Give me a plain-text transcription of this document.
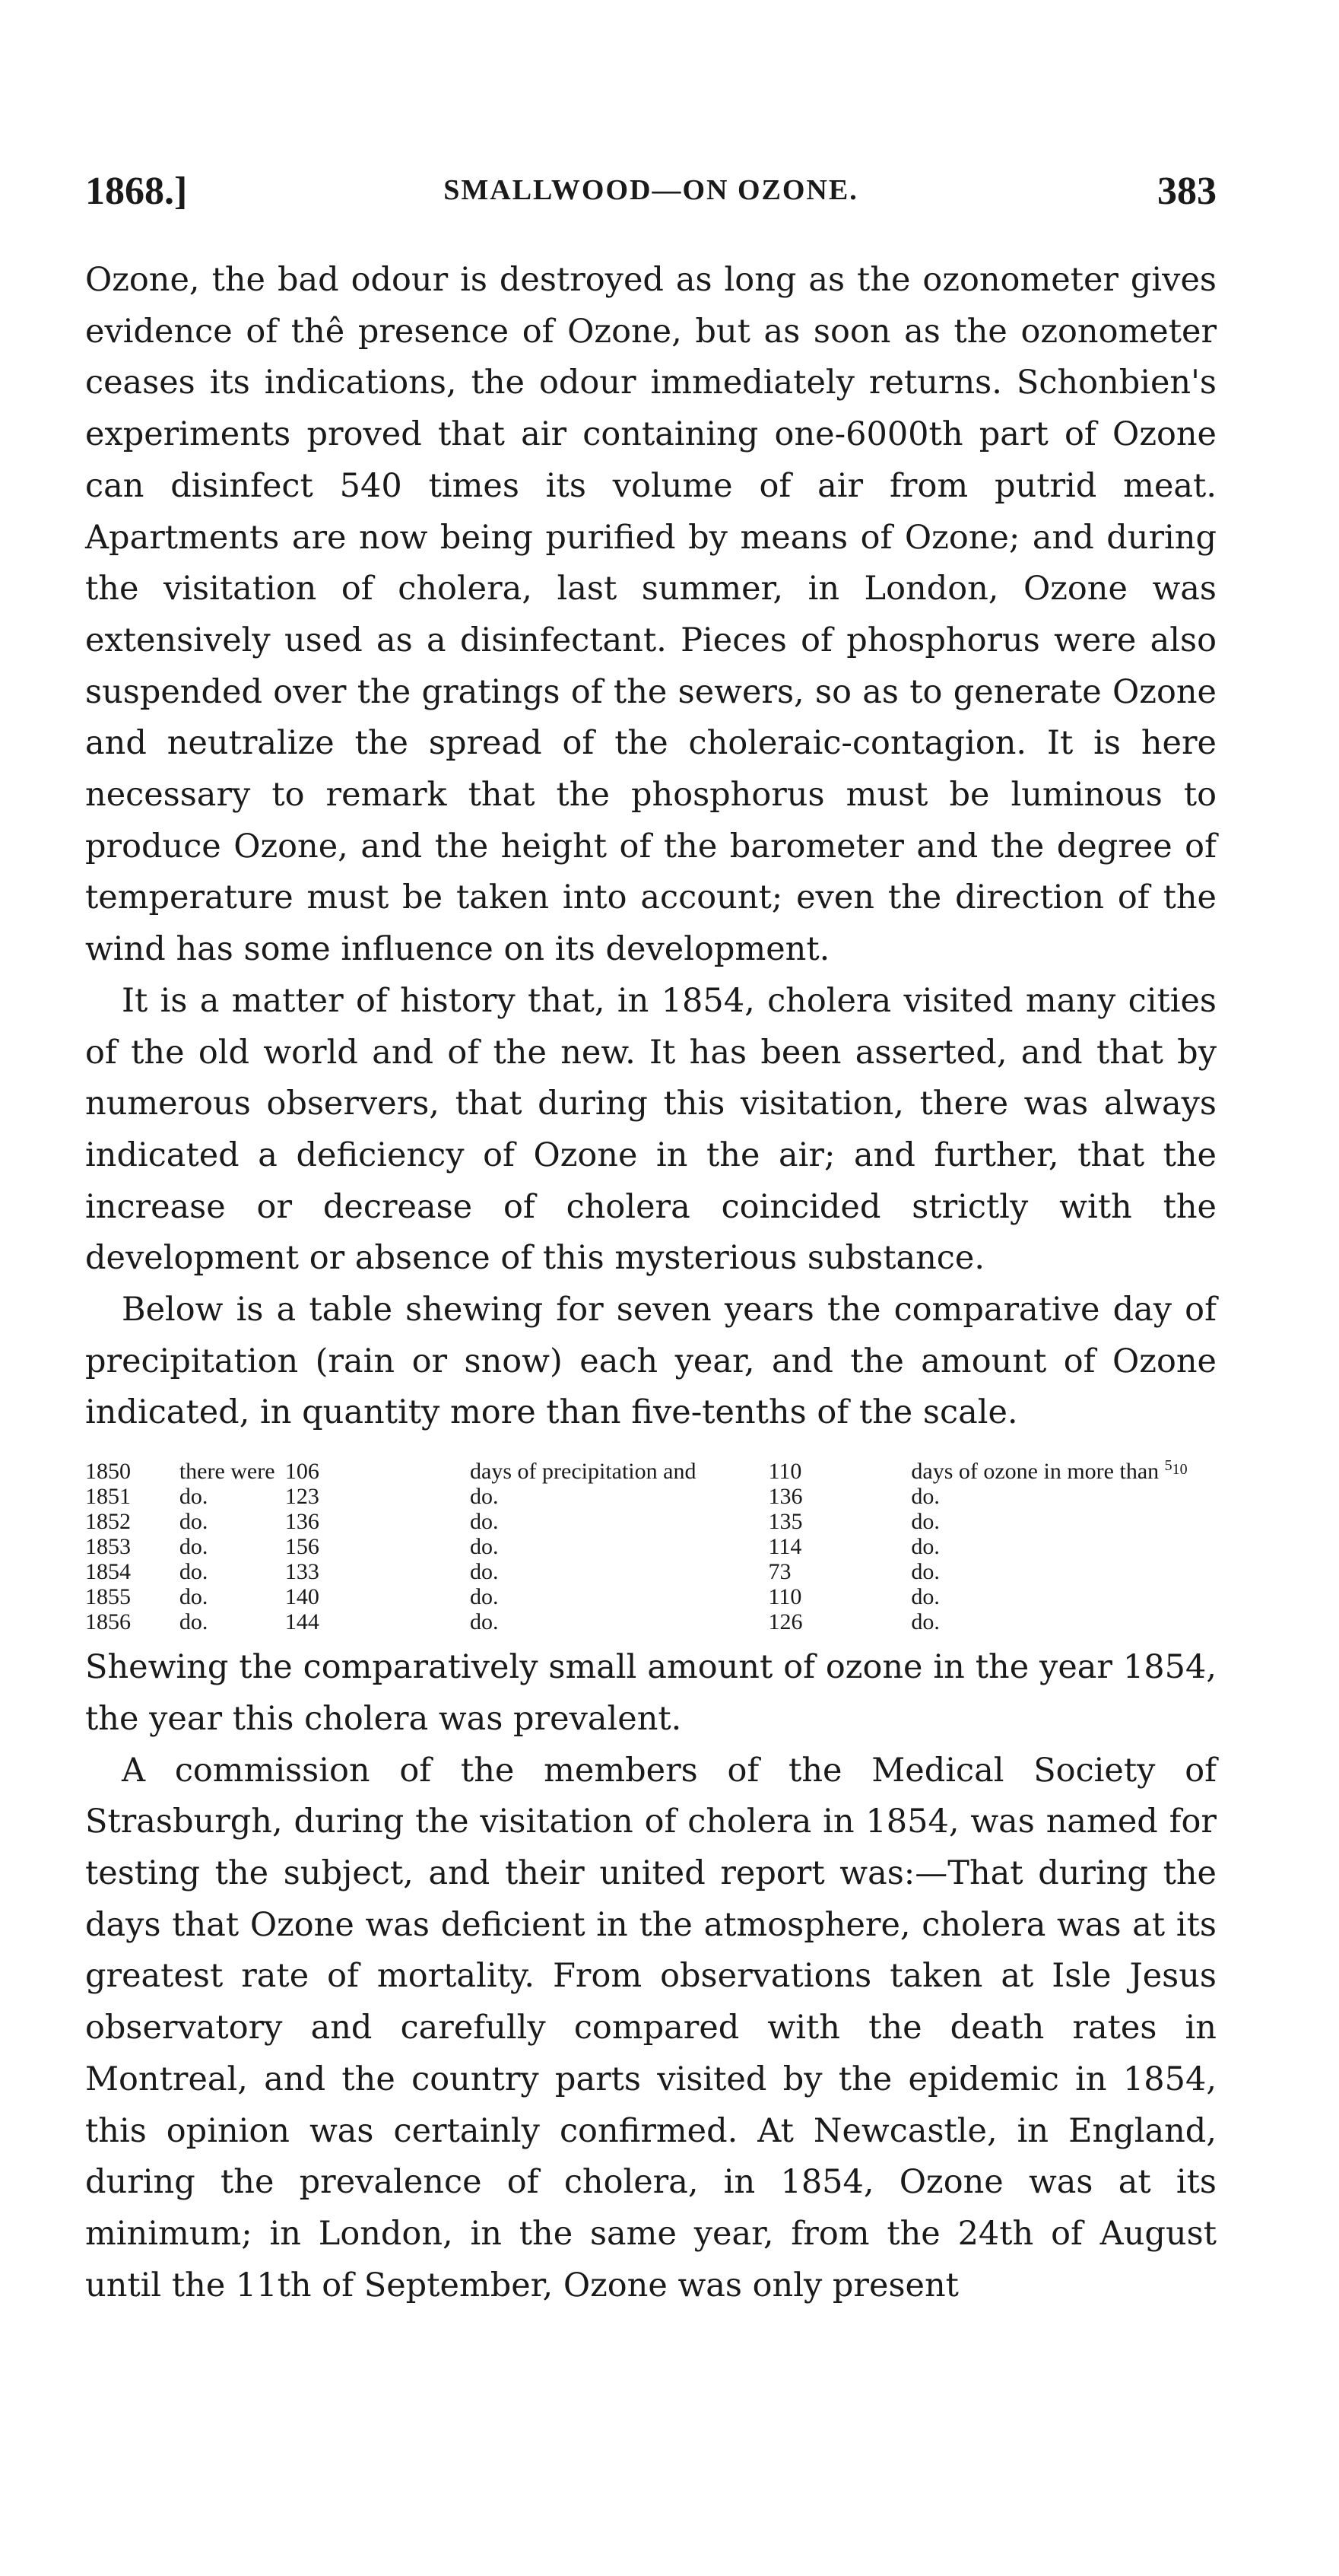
1868.]	SMALLWOOD—ON OZONE.	383

Ozone, the bad odour is destroyed as long as the ozonometer gives evidence of thê presence of Ozone, but as soon as the ozonometer ceases its indications, the odour immediately returns. Schonbien's experiments proved that air containing one-6000th part of Ozone can disinfect 540 times its volume of air from putrid meat. Apartments are now being purified by means of Ozone; and during the visitation of cholera, last summer, in London, Ozone was extensively used as a disinfectant. Pieces of phosphorus were also suspended over the gratings of the sewers, so as to generate Ozone and neutralize the spread of the choleraic-contagion. It is here necessary to remark that the phosphorus must be luminous to produce Ozone, and the height of the barometer and the degree of temperature must be taken into account; even the direction of the wind has some influence on its development.

It is a matter of history that, in 1854, cholera visited many cities of the old world and of the new. It has been asserted, and that by numerous observers, that during this visitation, there was always indicated a deficiency of Ozone in the air; and further, that the increase or decrease of cholera coincided strictly with the development or absence of this mysterious substance.

Below is a table shewing for seven years the comparative day of precipitation (rain or snow) each year, and the amount of Ozone indicated, in quantity more than five-tenths of the scale.

1850	there were	106	days of precipitation and	110	days of ozone in more than $^{5_{10}}$
1851	do.	123	do.	136	do.
1852	do.	136	do.	135	do.
1853	do.	156	do.	114	do.
1854	do.	133	do.	73	do.
1855	do.	140	do.	110	do.
1856	do.	144	do.	126	do.

Shewing the comparatively small amount of ozone in the year 1854, the year this cholera was prevalent.

A commission of the members of the Medical Society of Strasburgh, during the visitation of cholera in 1854, was named for testing the subject, and their united report was:—That during the days that Ozone was deficient in the atmosphere, cholera was at its greatest rate of mortality. From observations taken at Isle Jesus observatory and carefully compared with the death rates in Montreal, and the country parts visited by the epidemic in 1854, this opinion was certainly confirmed. At Newcastle, in England, during the prevalence of cholera, in 1854, Ozone was at its minimum; in London, in the same year, from the 24th of August until the 11th of September, Ozone was only present
